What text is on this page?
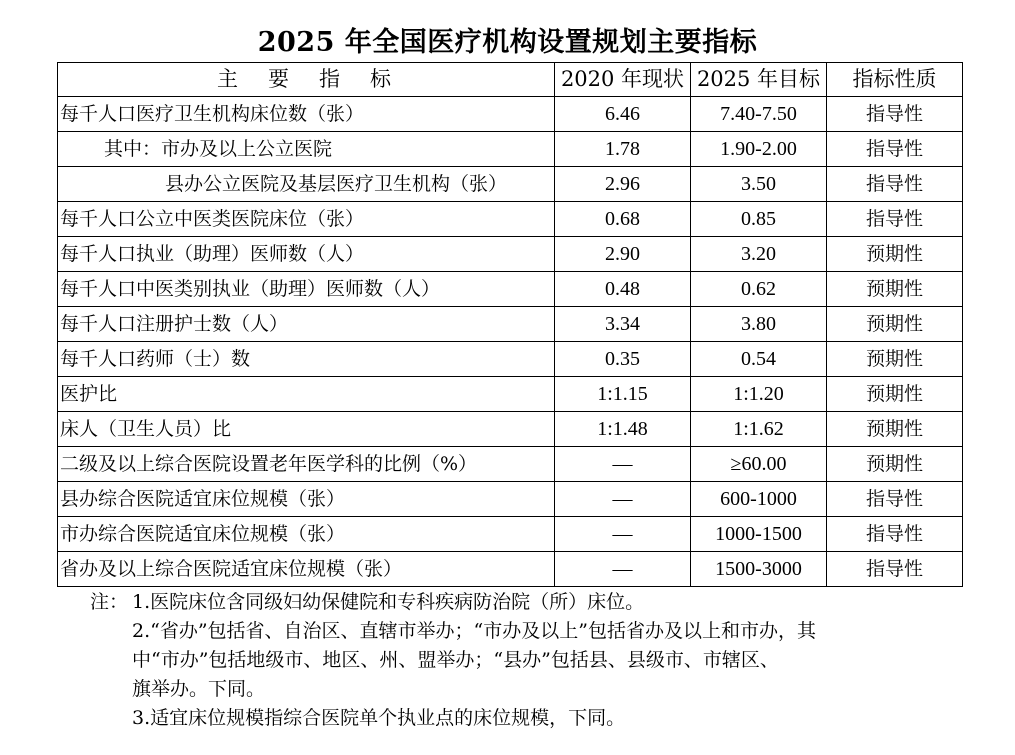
2025 年全国医疗机构设置规划主要指标
主要指标	2020 年现状	2025 年目标	指标性质
每千人口医疗卫生机构床位数（张）	6.46	7.40-7.50	指导性
其中：市办及以上公立医院	1.78	1.90-2.00	指导性
县办公立医院及基层医疗卫生机构（张）	2.96	3.50	指导性
每千人口公立中医类医院床位（张）	0.68	0.85	指导性
每千人口执业（助理）医师数（人）	2.90	3.20	预期性
每千人口中医类别执业（助理）医师数（人）	0.48	0.62	预期性
每千人口注册护士数（人）	3.34	3.80	预期性
每千人口药师（士）数	0.35	0.54	预期性
医护比	1:1.15	1:1.20	预期性
床人（卫生人员）比	1:1.48	1:1.62	预期性
二级及以上综合医院设置老年医学科的比例（%）	—	≥60.00	预期性
县办综合医院适宜床位规模（张）	—	600-1000	指导性
市办综合医院适宜床位规模（张）	—	1000-1500	指导性
省办及以上综合医院适宜床位规模（张）	—	1500-3000	指导性
注： 1.医院床位含同级妇幼保健院和专科疾病防治院（所）床位。
2.“省办”包括省、自治区、直辖市举办；“市办及以上”包括省办及以上和市办，其
中“市办”包括地级市、地区、州、盟举办；“县办”包括县、县级市、市辖区、
旗举办。下同。
3.适宜床位规模指综合医院单个执业点的床位规模，下同。
